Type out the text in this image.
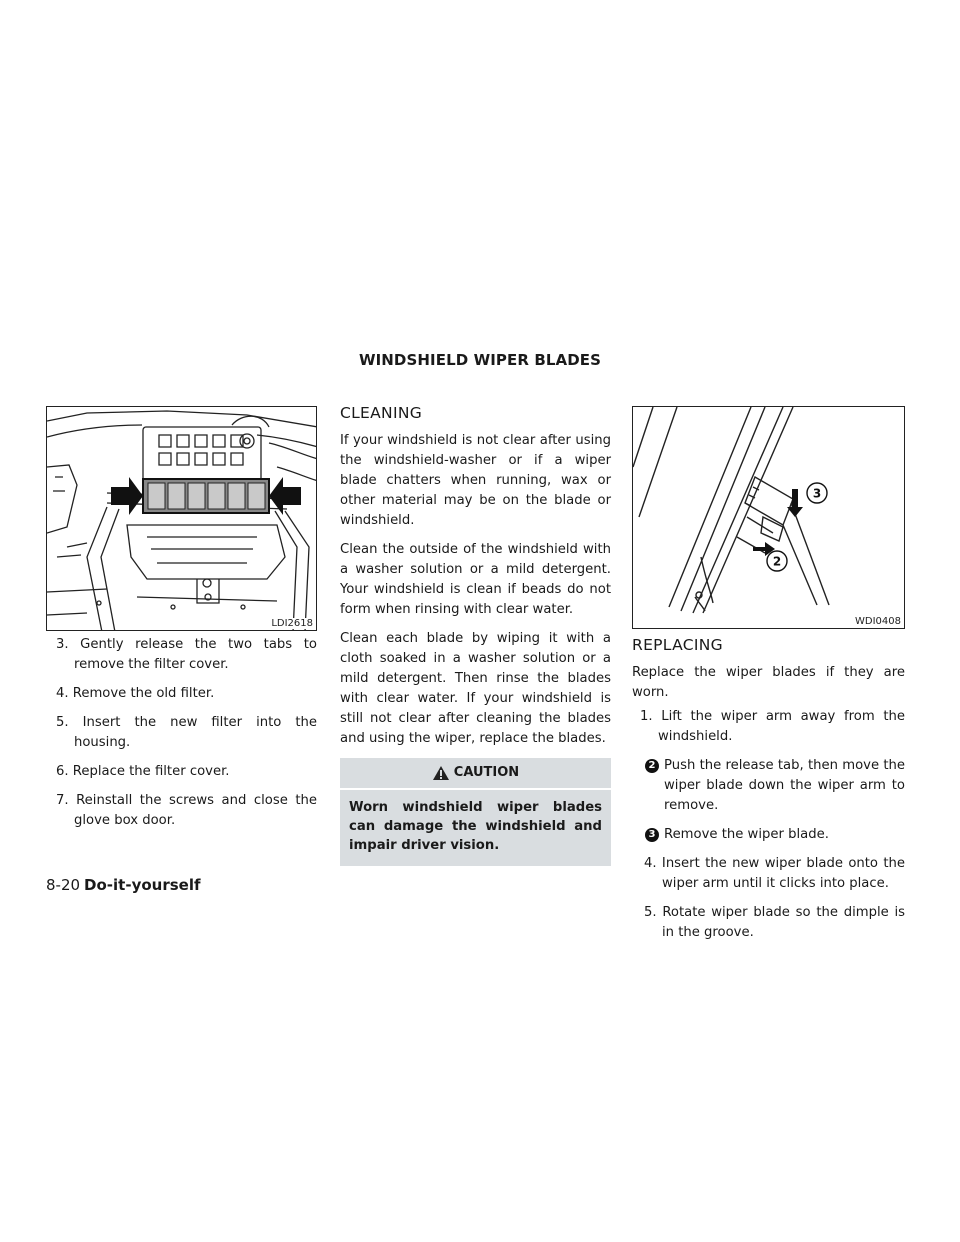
WINDSHIELD WIPER BLADES
LDI2618
3
2
WDI0408
3. Gently release the two tabs to remove the filter cover.
4. Remove the old filter.
5. Insert the new filter into the housing.
6. Replace the filter cover.
7. Reinstall the screws and close the glove box door.
CLEANING

If your windshield is not clear after using the windshield-washer or if a wiper blade chatters when running, wax or other material may be on the blade or windshield.

Clean the outside of the windshield with a washer solution or a mild detergent. Your windshield is clean if beads do not form when rinsing with clear water.

Clean each blade by wiping it with a cloth soaked in a washer solution or a mild detergent. Then rinse the blades with clear water. If your windshield is still not clear after cleaning the blades and using the wiper, replace the blades.

CAUTION
Worn windshield wiper blades can damage the windshield and impair driver vision.
REPLACING

Replace the wiper blades if they are worn.

1. Lift the wiper arm away from the windshield.
2 Push the release tab, then move the wiper blade down the wiper arm to remove.
3 Remove the wiper blade.
4. Insert the new wiper blade onto the wiper arm until it clicks into place.
5. Rotate wiper blade so the dimple is in the groove.
8-20 Do-it-yourself
